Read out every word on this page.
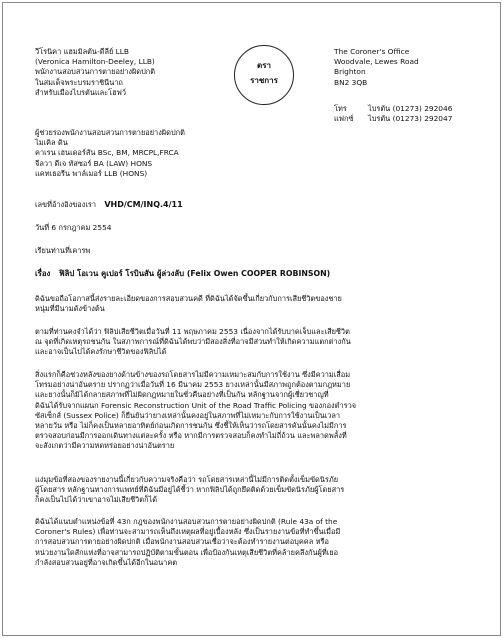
ตรา
ราชการ
วีโรนิคา แฮมมิลตัน-ดีลีย์ LLB
(Veronica Hamilton-Deeley, LLB)
พนักงานสอบสวนการตายอย่างผิดปกติ
ในสมเด็จพระบรมราชินีนาถ
สำหรับเมืองไบรตันและโฮฟว์
The Coroner's Office
Woodvale, Lewes Road
Brighton
BN2 3QB
โทร	ไบรตัน (01273) 292046
แฟกซ์ ไบรตัน (01273) 292047
ผู้ช่วยรองพนักงานสอบสวนการตายอย่างผิดปกติ
ไมเคิล ดิน
คาเรน เฮนเดอร์สัน BSc, BM, MRCPL,FRCA
จีลวา ดีเจ ทัสซอร์ BA (LAW) HONS
แคทเธอรีน พาล์เมอร์ LLB (HONS)
เลขที่อ้างอิงของเรา VHD/CM/INQ.4/11
วันที่ 6 กรกฎาคม 2554
เรียนท่านที่เคารพ
เรื่อง ฟิลิป โอเวน คูเปอร์ โรบินสัน ผู้ล่วงลับ (Felix Owen COOPER ROBINSON)
ดิฉันขอถือโอกาสนี้ส่งรายละเอียดของการสอบสวนคดี ที่ดิฉันได้จัดขึ้นเกี่ยวกับการเสียชีวิตของชาย
หนุ่มที่มีนามดังข้างต้น
ตามที่ท่านคงจำได้ว่า ฟิลิปเสียชีวิตเมื่อวันที่ 11 พฤษภาคม 2553 เนื่องจากได้รับบาดเจ็บและเสียชีวิต
ณ จุดที่เกิดเหตุรถชนกัน ในสภาพการณ์ที่ดิฉันได้พบว่ามีสองสิ่งที่อาจมีส่วนทำให้เกิดความแตกต่างกัน
และอาจเป็นไปได้คงรักษาชีวิตของฟิลิปได้
สิ่งแรกก็คือช่วงหลังของยางด้านข้างของรถโดยสารไม่มีความเหมาะสมกับการใช้งาน ซึ่งมีความเสื่อม
โทรมอย่างน่าอันตราย ปรากฏว่าเมื่อวันที่ 16 มีนาคม 2553 ยางเหล่านั้นมีสภาพถูกต้องตามกฎหมาย
และยางนั้นก็มิได้กลายสภาพที่ไม่ผิดกฎหมายในชั่วคืนอย่างที่เป็นกัน หลักฐานจากผู้เชี่ยวชาญที่
ดิฉันได้รับจากแผนก Forensic Reconstruction Unit of the Road Traffic Policing ของกองตำรวจ
ซัสเซ็กส์ (Sussex Police) ก็ยืนยันว่ายางเหล่านั้นคงอยู่ในสภาพที่ไม่เหมาะกับการใช้งานเป็นเวลา
หลายวัน หรือ ไม่ก็คงเป็นหลายอาทิตย์ก่อนเกิดการชนกัน ซึ่งชี้ให้เห็นว่ารถโดยสารคันนั้นคงไม่มีการ
ตรวจสอบก่อนมีการออกเดินทางแต่ละครั้ง หรือ หากมีการตรวจสอบก็คงทำไม่ถี่ถ้วน และพลาดพลั้งที่
จะสังเกตว่ามีความหดหร่อยอย่างน่าอันตราย
แง่มุมข้อที่สองของรายงานนี้เกี่ยวกับความจริงคือว่า รถโดยสารเหล่านี้ไม่มีการติดตั้งเข็มขัดนิรภัย
ผู้โดยสาร หลักฐานทางการแพทย์ที่ดิฉันมีอยู่ได้ชี้ว่า หากฟิลิปได้ถูกยึดติดด้วยเข็มขัดนิรภัยผู้โดยสาร
ก็คงเป็นไปได้ว่าเขาอาจไม่เสียชีวิตก็ได้
ดิฉันได้แนบตำแหน่งข้อที่ 43ก กฎของพนักงานสอบสวนการตายอย่างผิดปกติ (Rule 43a of the
Coroner's Rules) เพื่อท่านจะสามารถเห็นถึงเหตุผลที่อยู่เบื้องหลัง ซึ่งเป็นรายงานข้อที่ทำขึ้นเมื่อมี
การสอบสวนการตายอย่างผิดปกติ เมื่อพนักงานสอบสวนเชื่อว่าจะต้องทำรายงานต่อบุคคล หรือ
หน่วยงานใดสักแห่งที่อาจสามารถปฏิบัติตามขั้นตอน เพื่อป้องกันเหตุเสียชีวิตที่คล้ายคลึงกันผู้ที่เยอ
กำลังสอบสวนอยู่ที่อาจเกิดขึ้นได้อีกในอนาคต
